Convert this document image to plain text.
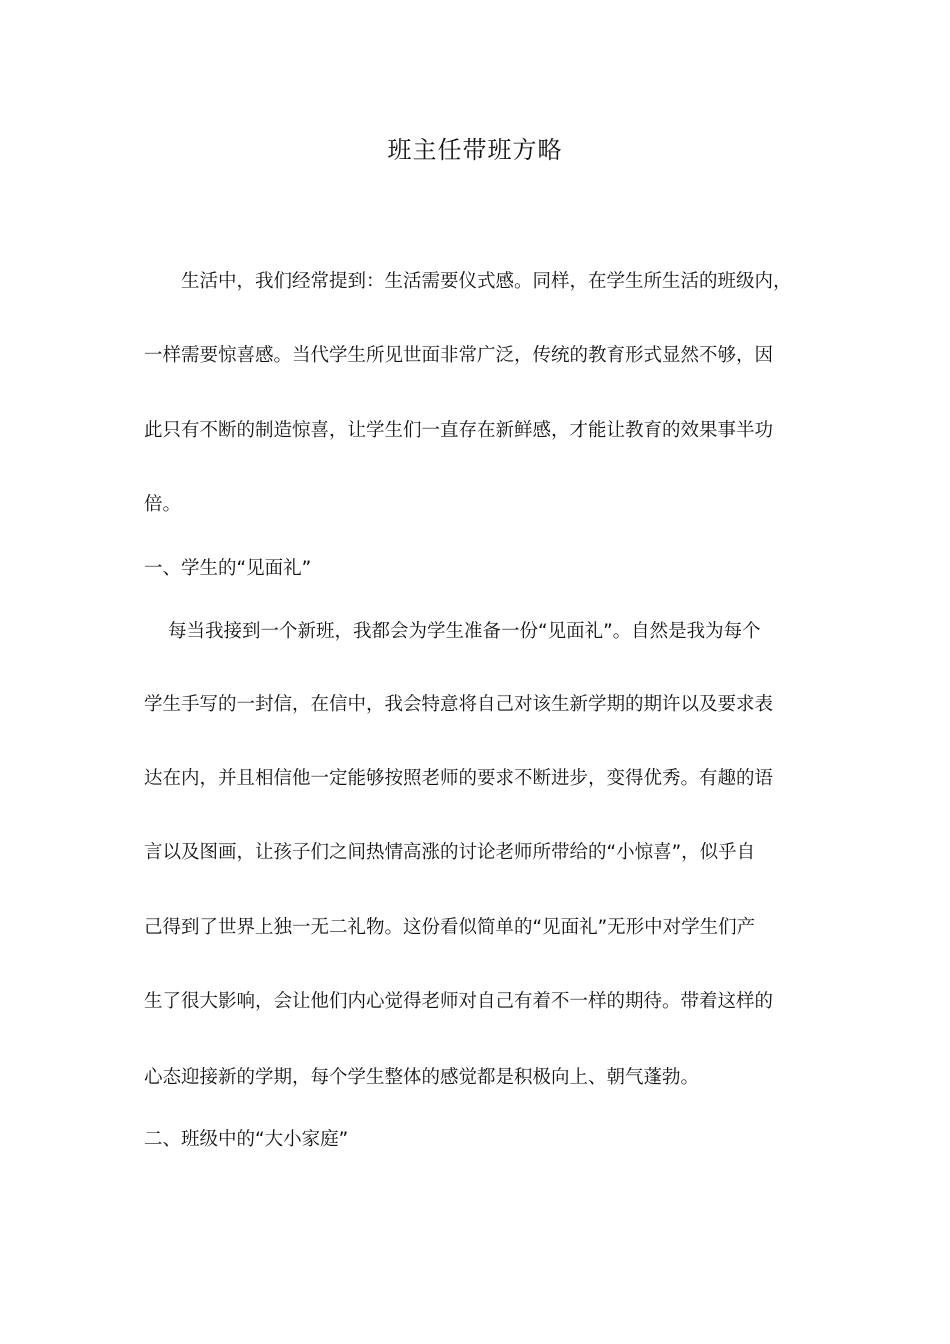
班主任带班方略
生活中，我们经常提到：生活需要仪式感。同样，在学生所生活的班级内，
一样需要惊喜感。当代学生所见世面非常广泛，传统的教育形式显然不够，因
此只有不断的制造惊喜，让学生们一直存在新鲜感，才能让教育的效果事半功
倍。
一、学生的“见面礼”
每当我接到一个新班，我都会为学生准备一份“见面礼”。自然是我为每个
学生手写的一封信，在信中，我会特意将自己对该生新学期的期许以及要求表
达在内，并且相信他一定能够按照老师的要求不断进步，变得优秀。有趣的语
言以及图画，让孩子们之间热情高涨的讨论老师所带给的“小惊喜”，似乎自
己得到了世界上独一无二礼物。这份看似简单的“见面礼”无形中对学生们产
生了很大影响，会让他们内心觉得老师对自己有着不一样的期待。带着这样的
心态迎接新的学期，每个学生整体的感觉都是积极向上、朝气蓬勃。
二、班级中的“大小家庭”
